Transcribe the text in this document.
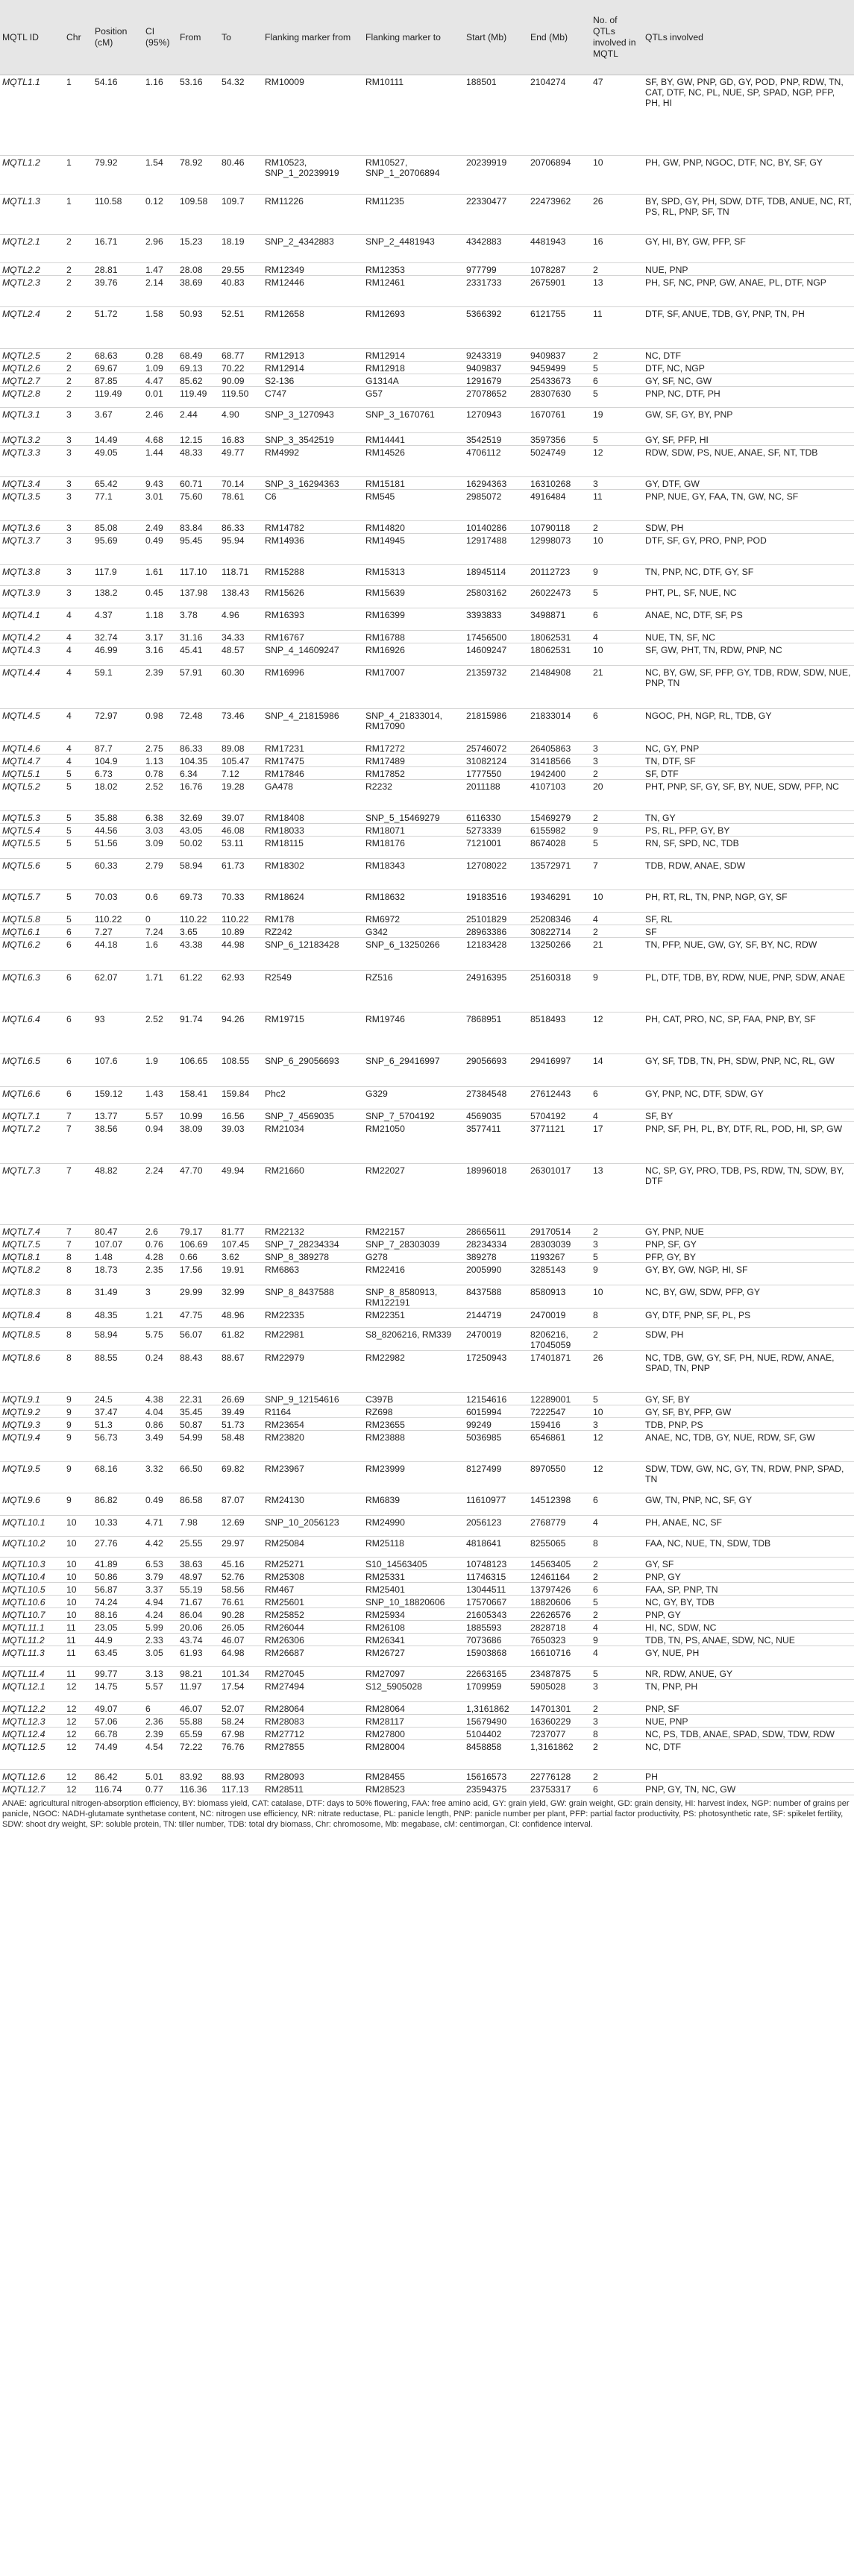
MQTL ID	Chr	Position (cM)	CI (95%)	From	To	Flanking marker from	Flanking marker to	Start (Mb)	End (Mb)	No. of QTLs involved in MQTL	QTLs involved
MQTL1.1	1	54.16	1.16	53.16	54.32	RM10009	RM10111	188501	2104274	47	SF, BY, GW, PNP, GD, GY, POD, PNP, RDW, TN, CAT, DTF, NC, PL, NUE, SP, SPAD, NGP, PFP, PH, HI
MQTL1.2	1	79.92	1.54	78.92	80.46	RM10523, SNP_1_20239919	RM10527, SNP_1_20706894	20239919	20706894	10	PH, GW, PNP, NGOC, DTF, NC, BY, SF, GY
MQTL1.3	1	110.58	0.12	109.58	109.7	RM11226	RM11235	22330477	22473962	26	BY, SPD, GY, PH, SDW, DTF, TDB, ANUE, NC, RT, PS, RL, PNP, SF, TN
MQTL2.1	2	16.71	2.96	15.23	18.19	SNP_2_4342883	SNP_2_4481943	4342883	4481943	16	GY, HI, BY, GW, PFP, SF
MQTL2.2	2	28.81	1.47	28.08	29.55	RM12349	RM12353	977799	1078287	2	NUE, PNP
MQTL2.3	2	39.76	2.14	38.69	40.83	RM12446	RM12461	2331733	2675901	13	PH, SF, NC, PNP, GW, ANAE, PL, DTF, NGP
MQTL2.4	2	51.72	1.58	50.93	52.51	RM12658	RM12693	5366392	6121755	11	DTF, SF, ANUE, TDB, GY, PNP, TN, PH
MQTL2.5	2	68.63	0.28	68.49	68.77	RM12913	RM12914	9243319	9409837	2	NC, DTF
MQTL2.6	2	69.67	1.09	69.13	70.22	RM12914	RM12918	9409837	9459499	5	DTF, NC, NGP
MQTL2.7	2	87.85	4.47	85.62	90.09	S2-136	G1314A	1291679	25433673	6	GY, SF, NC, GW
MQTL2.8	2	119.49	0.01	119.49	119.50	C747	G57	27078652	28307630	5	PNP, NC, DTF, PH
MQTL3.1	3	3.67	2.46	2.44	4.90	SNP_3_1270943	SNP_3_1670761	1270943	1670761	19	GW, SF, GY, BY, PNP
MQTL3.2	3	14.49	4.68	12.15	16.83	SNP_3_3542519	RM14441	3542519	3597356	5	GY, SF, PFP, HI
MQTL3.3	3	49.05	1.44	48.33	49.77	RM4992	RM14526	4706112	5024749	12	RDW, SDW, PS, NUE, ANAE, SF, NT, TDB
MQTL3.4	3	65.42	9.43	60.71	70.14	SNP_3_16294363	RM15181	16294363	16310268	3	GY, DTF, GW
MQTL3.5	3	77.1	3.01	75.60	78.61	C6	RM545	2985072	4916484	11	PNP, NUE, GY, FAA, TN, GW, NC, SF
MQTL3.6	3	85.08	2.49	83.84	86.33	RM14782	RM14820	10140286	10790118	2	SDW, PH
MQTL3.7	3	95.69	0.49	95.45	95.94	RM14936	RM14945	12917488	12998073	10	DTF, SF, GY, PRO, PNP, POD
MQTL3.8	3	117.9	1.61	117.10	118.71	RM15288	RM15313	18945114	20112723	9	TN, PNP, NC, DTF, GY, SF
MQTL3.9	3	138.2	0.45	137.98	138.43	RM15626	RM15639	25803162	26022473	5	PHT, PL, SF, NUE, NC
MQTL4.1	4	4.37	1.18	3.78	4.96	RM16393	RM16399	3393833	3498871	6	ANAE, NC, DTF, SF, PS
MQTL4.2	4	32.74	3.17	31.16	34.33	RM16767	RM16788	17456500	18062531	4	NUE, TN, SF, NC
MQTL4.3	4	46.99	3.16	45.41	48.57	SNP_4_14609247	RM16926	14609247	18062531	10	SF, GW, PHT, TN, RDW, PNP, NC
MQTL4.4	4	59.1	2.39	57.91	60.30	RM16996	RM17007	21359732	21484908	21	NC, BY, GW, SF, PFP, GY, TDB, RDW, SDW, NUE, PNP, TN
MQTL4.5	4	72.97	0.98	72.48	73.46	SNP_4_21815986	SNP_4_21833014, RM17090	21815986	21833014	6	NGOC, PH, NGP, RL, TDB, GY
MQTL4.6	4	87.7	2.75	86.33	89.08	RM17231	RM17272	25746072	26405863	3	NC, GY, PNP
MQTL4.7	4	104.9	1.13	104.35	105.47	RM17475	RM17489	31082124	31418566	3	TN, DTF, SF
MQTL5.1	5	6.73	0.78	6.34	7.12	RM17846	RM17852	1777550	1942400	2	SF, DTF
MQTL5.2	5	18.02	2.52	16.76	19.28	GA478	R2232	2011188	4107103	20	PHT, PNP, SF, GY, SF, BY, NUE, SDW, PFP, NC
MQTL5.3	5	35.88	6.38	32.69	39.07	RM18408	SNP_5_15469279	6116330	15469279	2	TN, GY
MQTL5.4	5	44.56	3.03	43.05	46.08	RM18033	RM18071	5273339	6155982	9	PS, RL, PFP, GY, BY
MQTL5.5	5	51.56	3.09	50.02	53.11	RM18115	RM18176	7121001	8674028	5	RN, SF, SPD, NC, TDB
MQTL5.6	5	60.33	2.79	58.94	61.73	RM18302	RM18343	12708022	13572971	7	TDB, RDW, ANAE, SDW
MQTL5.7	5	70.03	0.6	69.73	70.33	RM18624	RM18632	19183516	19346291	10	PH, RT, RL, TN, PNP, NGP, GY, SF
MQTL5.8	5	110.22	0	110.22	110.22	RM178	RM6972	25101829	25208346	4	SF, RL
MQTL6.1	6	7.27	7.24	3.65	10.89	RZ242	G342	28963386	30822714	2	SF
MQTL6.2	6	44.18	1.6	43.38	44.98	SNP_6_12183428	SNP_6_13250266	12183428	13250266	21	TN, PFP, NUE, GW, GY, SF, BY, NC, RDW
MQTL6.3	6	62.07	1.71	61.22	62.93	R2549	RZ516	24916395	25160318	9	PL, DTF, TDB, BY, RDW, NUE, PNP, SDW, ANAE
MQTL6.4	6	93	2.52	91.74	94.26	RM19715	RM19746	7868951	8518493	12	PH, CAT, PRO, NC, SP, FAA, PNP, BY, SF
MQTL6.5	6	107.6	1.9	106.65	108.55	SNP_6_29056693	SNP_6_29416997	29056693	29416997	14	GY, SF, TDB, TN, PH, SDW, PNP, NC, RL, GW
MQTL6.6	6	159.12	1.43	158.41	159.84	Phc2	G329	27384548	27612443	6	GY, PNP, NC, DTF, SDW, GY
MQTL7.1	7	13.77	5.57	10.99	16.56	SNP_7_4569035	SNP_7_5704192	4569035	5704192	4	SF, BY
MQTL7.2	7	38.56	0.94	38.09	39.03	RM21034	RM21050	3577411	3771121	17	PNP, SF, PH, PL, BY, DTF, RL, POD, HI, SP, GW
MQTL7.3	7	48.82	2.24	47.70	49.94	RM21660	RM22027	18996018	26301017	13	NC, SP, GY, PRO, TDB, PS, RDW, TN, SDW, BY, DTF
MQTL7.4	7	80.47	2.6	79.17	81.77	RM22132	RM22157	28665611	29170514	2	GY, PNP, NUE
MQTL7.5	7	107.07	0.76	106.69	107.45	SNP_7_28234334	SNP_7_28303039	28234334	28303039	3	PNP, SF, GY
MQTL8.1	8	1.48	4.28	0.66	3.62	SNP_8_389278	G278	389278	1193267	5	PFP, GY, BY
MQTL8.2	8	18.73	2.35	17.56	19.91	RM6863	RM22416	2005990	3285143	9	GY, BY, GW, NGP, HI, SF
MQTL8.3	8	31.49	3	29.99	32.99	SNP_8_8437588	SNP_8_8580913, RM122191	8437588	8580913	10	NC, BY, GW, SDW, PFP, GY
MQTL8.4	8	48.35	1.21	47.75	48.96	RM22335	RM22351	2144719	2470019	8	GY, DTF, PNP, SF, PL, PS
MQTL8.5	8	58.94	5.75	56.07	61.82	RM22981	S8_8206216, RM339	2470019	8206216, 17045059	2	SDW, PH
MQTL8.6	8	88.55	0.24	88.43	88.67	RM22979	RM22982	17250943	17401871	26	NC, TDB, GW, GY, SF, PH, NUE, RDW, ANAE, SPAD, TN, PNP
MQTL9.1	9	24.5	4.38	22.31	26.69	SNP_9_12154616	C397B	12154616	12289001	5	GY, SF, BY
MQTL9.2	9	37.47	4.04	35.45	39.49	R1164	RZ698	6015994	7222547	10	GY, SF, BY, PFP, GW
MQTL9.3	9	51.3	0.86	50.87	51.73	RM23654	RM23655	99249	159416	3	TDB, PNP, PS
MQTL9.4	9	56.73	3.49	54.99	58.48	RM23820	RM23888	5036985	6546861	12	ANAE, NC, TDB, GY, NUE, RDW, SF, GW
MQTL9.5	9	68.16	3.32	66.50	69.82	RM23967	RM23999	8127499	8970550	12	SDW, TDW, GW, NC, GY, TN, RDW, PNP, SPAD, TN
MQTL9.6	9	86.82	0.49	86.58	87.07	RM24130	RM6839	11610977	14512398	6	GW, TN, PNP, NC, SF, GY
MQTL10.1	10	10.33	4.71	7.98	12.69	SNP_10_2056123	RM24990	2056123	2768779	4	PH, ANAE, NC, SF
MQTL10.2	10	27.76	4.42	25.55	29.97	RM25084	RM25118	4818641	8255065	8	FAA, NC, NUE, TN, SDW, TDB
MQTL10.3	10	41.89	6.53	38.63	45.16	RM25271	S10_14563405	10748123	14563405	2	GY, SF
MQTL10.4	10	50.86	3.79	48.97	52.76	RM25308	RM25331	11746315	12461164	2	PNP, GY
MQTL10.5	10	56.87	3.37	55.19	58.56	RM467	RM25401	13044511	13797426	6	FAA, SP, PNP, TN
MQTL10.6	10	74.24	4.94	71.67	76.61	RM25601	SNP_10_18820606	17570667	18820606	5	NC, GY, BY, TDB
MQTL10.7	10	88.16	4.24	86.04	90.28	RM25852	RM25934	21605343	22626576	2	PNP, GY
MQTL11.1	11	23.05	5.99	20.06	26.05	RM26044	RM26108	1885593	2828718	4	HI, NC, SDW, NC
MQTL11.2	11	44.9	2.33	43.74	46.07	RM26306	RM26341	7073686	7650323	9	TDB, TN, PS, ANAE, SDW, NC, NUE
MQTL11.3	11	63.45	3.05	61.93	64.98	RM26687	RM26727	15903868	16610716	4	GY, NUE, PH
MQTL11.4	11	99.77	3.13	98.21	101.34	RM27045	RM27097	22663165	23487875	5	NR, RDW, ANUE, GY
MQTL12.1	12	14.75	5.57	11.97	17.54	RM27494	S12_5905028	1709959	5905028	3	TN, PNP, PH
MQTL12.2	12	49.07	6	46.07	52.07	RM28064	RM28064	1,3161862	14701301	2	PNP, SF
MQTL12.3	12	57.06	2.36	55.88	58.24	RM28083	RM28117	15679490	16360229	3	NUE, PNP
MQTL12.4	12	66.78	2.39	65.59	67.98	RM27712	RM27800	5104402	7237077	8	NC, PS, TDB, ANAE, SPAD, SDW, TDW, RDW
MQTL12.5	12	74.49	4.54	72.22	76.76	RM27855	RM28004	8458858	1,3161862	2	NC, DTF
MQTL12.6	12	86.42	5.01	83.92	88.93	RM28093	RM28455	15616573	22776128	2	PH
MQTL12.7	12	116.74	0.77	116.36	117.13	RM28511	RM28523	23594375	23753317	6	PNP, GY, TN, NC, GW
ANAE: agricultural nitrogen-absorption efficiency, BY: biomass yield, CAT: catalase, DTF: days to 50% flowering, FAA: free amino acid, GY: grain yield, GW: grain weight, GD: grain density, HI: harvest index, NGP: number of grains per panicle, NGOC: NADH-glutamate synthetase content, NC: nitrogen use efficiency, NR: nitrate reductase, PL: panicle length, PNP: panicle number per plant, PFP: partial factor productivity, PS: photosynthetic rate, SF: spikelet fertility, SDW: shoot dry weight, SP: soluble protein, TN: tiller number, TDB: total dry biomass, Chr: chromosome, Mb: megabase, cM: centimorgan, CI: confidence interval.
